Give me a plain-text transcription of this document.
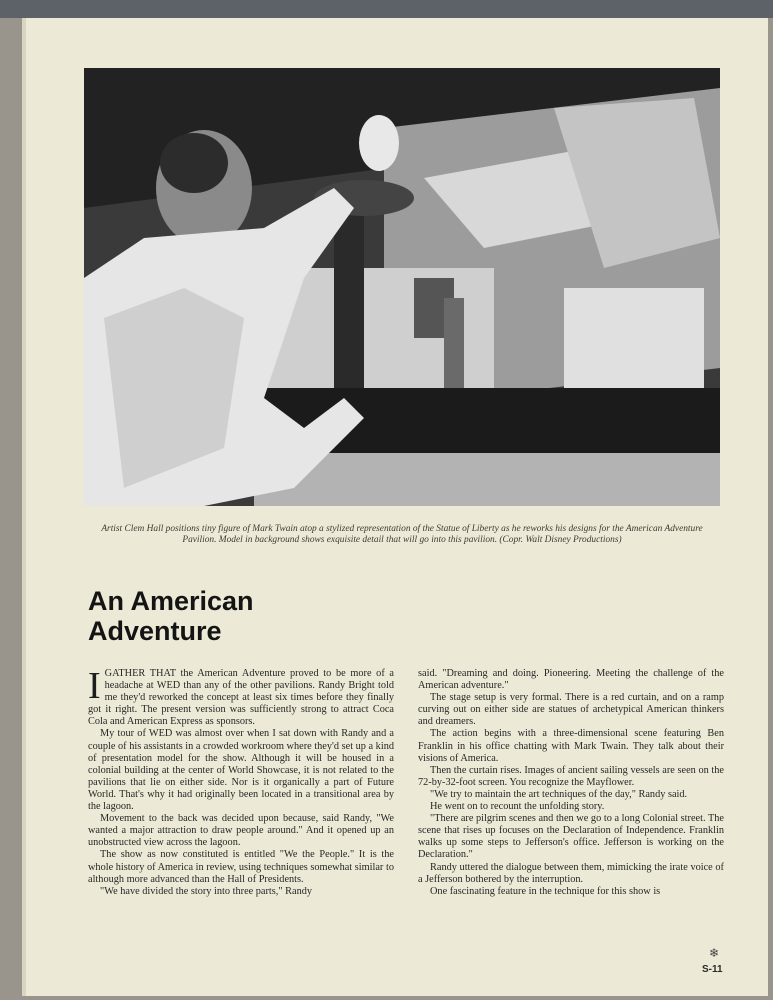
Artist Clem Hall positions tiny figure of Mark Twain atop a stylized representation of the Statue of Liberty as he reworks his designs for the American Adventure Pavilion. Model in background shows exquisite detail that will go into this pavilion. (Copr. Walt Disney Productions)
An American
Adventure

IGATHER THAT the American Adventure proved to be more of a headache at WED than any of the other pavilions. Randy Bright told me they'd reworked the concept at least six times before they finally got it right. The present version was sufficiently strong to attract Coca Cola and American Express as sponsors.

My tour of WED was almost over when I sat down with Randy and a couple of his assistants in a crowded workroom where they'd set up a kind of presentation model for the show. Although it will be housed in a colonial building at the center of World Showcase, it is not related to the pavilions that lie on either side. Nor is it organically a part of Future World. That's why it had originally been located in a transitional area by the lagoon.

Movement to the back was decided upon because, said Randy, "We wanted a major attraction to draw people around." And it opened up an unobstructed view across the lagoon.

The show as now constituted is entitled "We the People." It is the whole history of America in review, using techniques somewhat similar to although more advanced than the Hall of Presidents.

"We have divided the story into three parts," Randy

said. "Dreaming and doing. Pioneering. Meeting the challenge of the American adventure."

The stage setup is very formal. There is a red curtain, and on a ramp curving out on either side are statues of archetypical American thinkers and dreamers.

The action begins with a three-dimensional scene featuring Ben Franklin in his office chatting with Mark Twain. They talk about their visions of America.

Then the curtain rises. Images of ancient sailing vessels are seen on the 72-by-32-foot screen. You recognize the Mayflower.

"We try to maintain the art techniques of the day," Randy said.

He went on to recount the unfolding story.

"There are pilgrim scenes and then we go to a long Colonial street. The scene that rises up focuses on the Declaration of Independence. Franklin walks up some steps to Jefferson's office. Jefferson is working on the Declaration."

Randy uttered the dialogue between them, mimicking the irate voice of a Jefferson bothered by the interruption.

One fascinating feature in the technique for this show is

❄
S-11
